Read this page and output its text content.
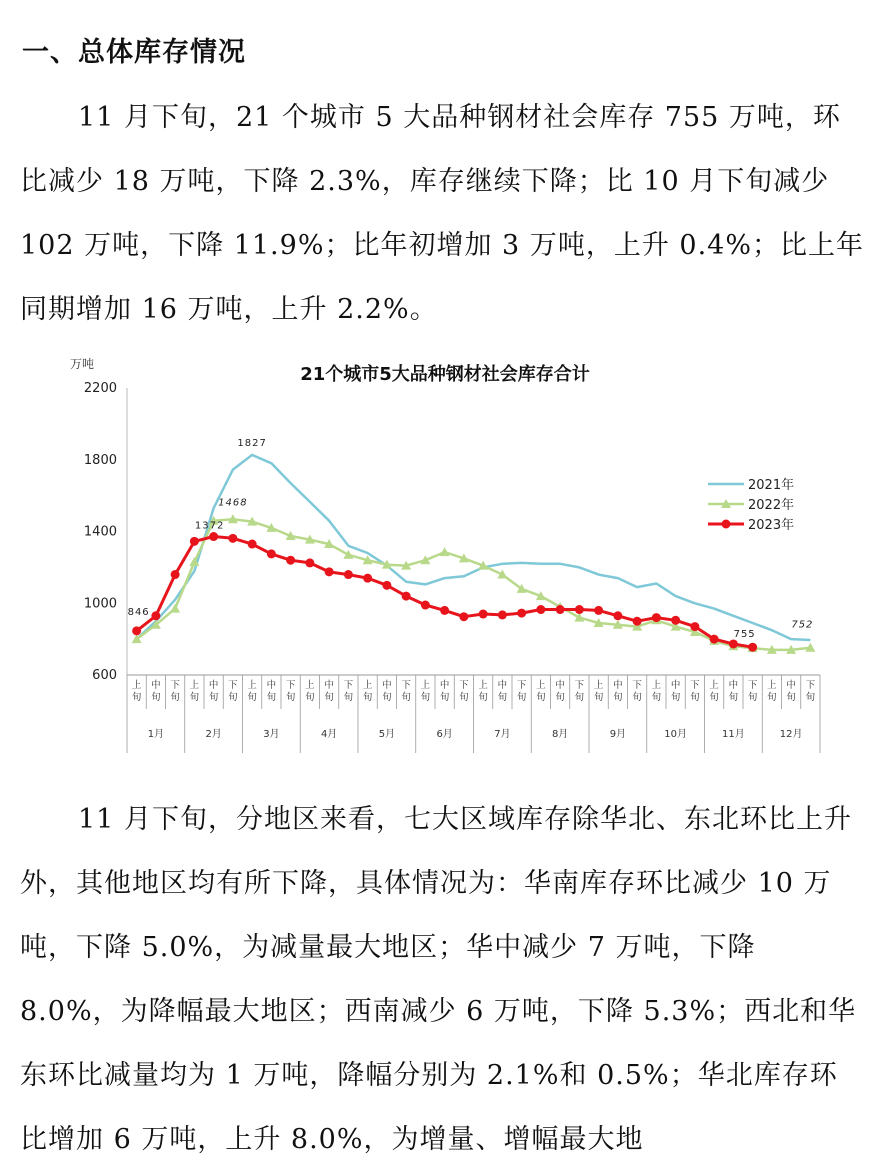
一、总体库存情况

11 月下旬，21 个城市 5 大品种钢材社会库存 755 万吨，环比减少 18 万吨，下降 2.3%，库存继续下降；比 10 月下旬减少 102 万吨，下降 11.9%；比年初增加 3 万吨，上升 0.4%；比上年同期增加 16 万吨，上升 2.2%。

21个城市5大品种钢材社会库存合计
万吨
600
1000
1400
1800
2200
上
旬
中
旬
下
旬
上
旬
中
旬
下
旬
上
旬
中
旬
下
旬
上
旬
中
旬
下
旬
上
旬
中
旬
下
旬
上
旬
中
旬
下
旬
上
旬
中
旬
下
旬
上
旬
中
旬
下
旬
上
旬
中
旬
下
旬
上
旬
中
旬
下
旬
上
旬
中
旬
下
旬
上
旬
中
旬
下
旬
1月	2月	3月	4月	5月	6月	7月	8月	9月	10月	11月	12月
1827
1468
1372
846
755
752
2021年
2022年
2023年

11 月下旬，分地区来看，七大区域库存除华北、东北环比上升外，其他地区均有所下降，具体情况为：华南库存环比减少 10 万吨，下降 5.0%，为减量最大地区；华中减少 7 万吨，下降 8.0%，为降幅最大地区；西南减少 6 万吨，下降 5.3%；西北和华东环比减量均为 1 万吨，降幅分别为 2.1%和 0.5%；华北库存环比增加 6 万吨，上升 8.0%，为增量、增幅最大地
